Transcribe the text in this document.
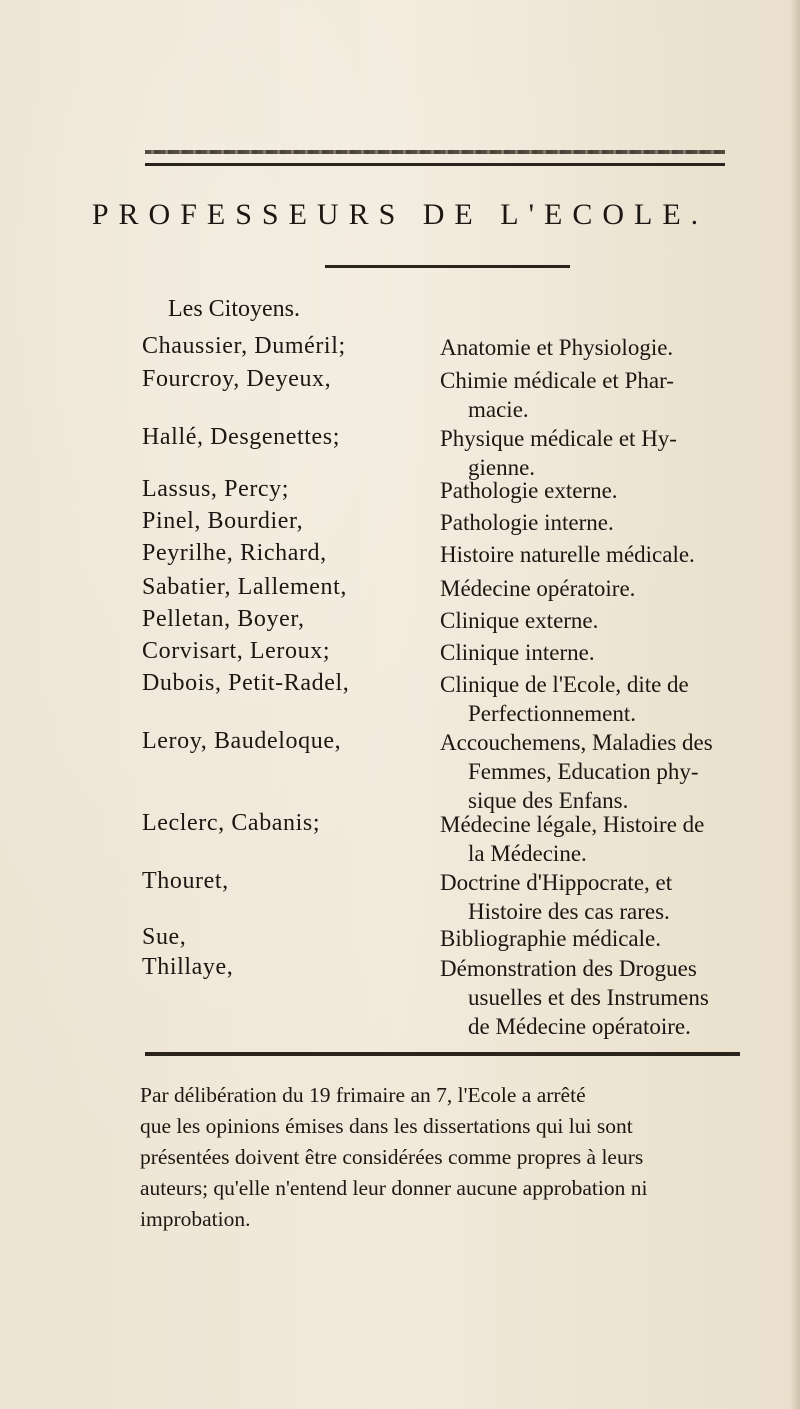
PROFESSEURS DE L'ECOLE.
Les Citoyens.
Chaussier, Duméril;	Anatomie et Physiologie.
Fourcroy, Deyeux,	Chimie médicale et Phar-
macie.
Hallé, Desgenettes;	Physique médicale et Hy-
gienne.
Lassus, Percy;	Pathologie externe.
Pinel, Bourdier,	Pathologie interne.
Peyrilhe, Richard,	Histoire naturelle médicale.
Sabatier, Lallement,	Médecine opératoire.
Pelletan, Boyer,	Clinique externe.
Corvisart, Leroux;	Clinique interne.
Dubois, Petit-Radel,	Clinique de l'Ecole, dite de
Perfectionnement.
Leroy, Baudeloque,	Accouchemens, Maladies des
Femmes, Education phy-
sique des Enfans.
Leclerc, Cabanis;	Médecine légale, Histoire de
la Médecine.
Thouret,	Doctrine d'Hippocrate, et
Histoire des cas rares.
Sue,	Bibliographie médicale.
Thillaye,	Démonstration des Drogues
usuelles et des Instrumens
de Médecine opératoire.
Par délibération du 19 frimaire an 7, l'Ecole a arrêté
que les opinions émises dans les dissertations qui lui sont
présentées doivent être considérées comme propres à leurs
auteurs; qu'elle n'entend leur donner aucune approbation ni
improbation.
